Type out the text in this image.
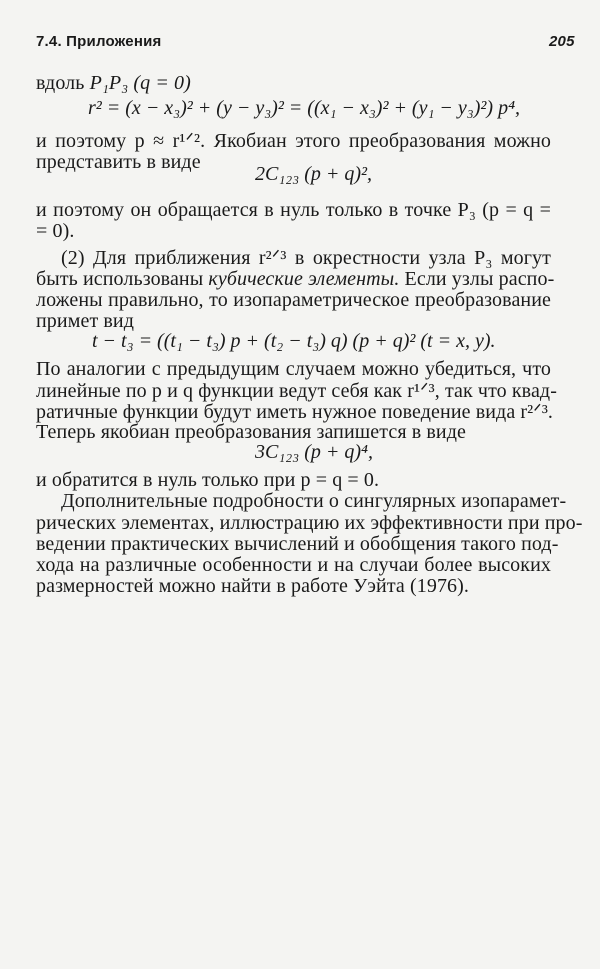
7.4. Приложения	205
вдоль P₁P₃ (q = 0)
r² = (x − x₃)² + (y − y₃)² = ((x₁ − x₃)² + (y₁ − y₃)²) p⁴,
и поэтому p ≈ r¹ᐟ². Якобиан этого преобразования можно
представить в виде
2C₁₂₃ (p + q)²,
и поэтому он обращается в нуль только в точке P₃ (p = q =
= 0).
(2) Для приближения r²ᐟ³ в окрестности узла P₃ могут
быть использованы кубические элементы. Если узлы распо-
ложены правильно, то изопараметрическое преобразование
примет вид
t − t₃ = ((t₁ − t₃) p + (t₂ − t₃) q) (p + q)² (t = x, y).
По аналогии с предыдущим случаем можно убедиться, что
линейные по p и q функции ведут себя как r¹ᐟ³, так что квад-
ратичные функции будут иметь нужное поведение вида r²ᐟ³.
Теперь якобиан преобразования запишется в виде
3C₁₂₃ (p + q)⁴,
и обратится в нуль только при p = q = 0.
Дополнительные подробности о сингулярных изопарамет-
рических элементах, иллюстрацию их эффективности при про-
ведении практических вычислений и обобщения такого под-
хода на различные особенности и на случаи более высоких
размерностей можно найти в работе Уэйта (1976).
